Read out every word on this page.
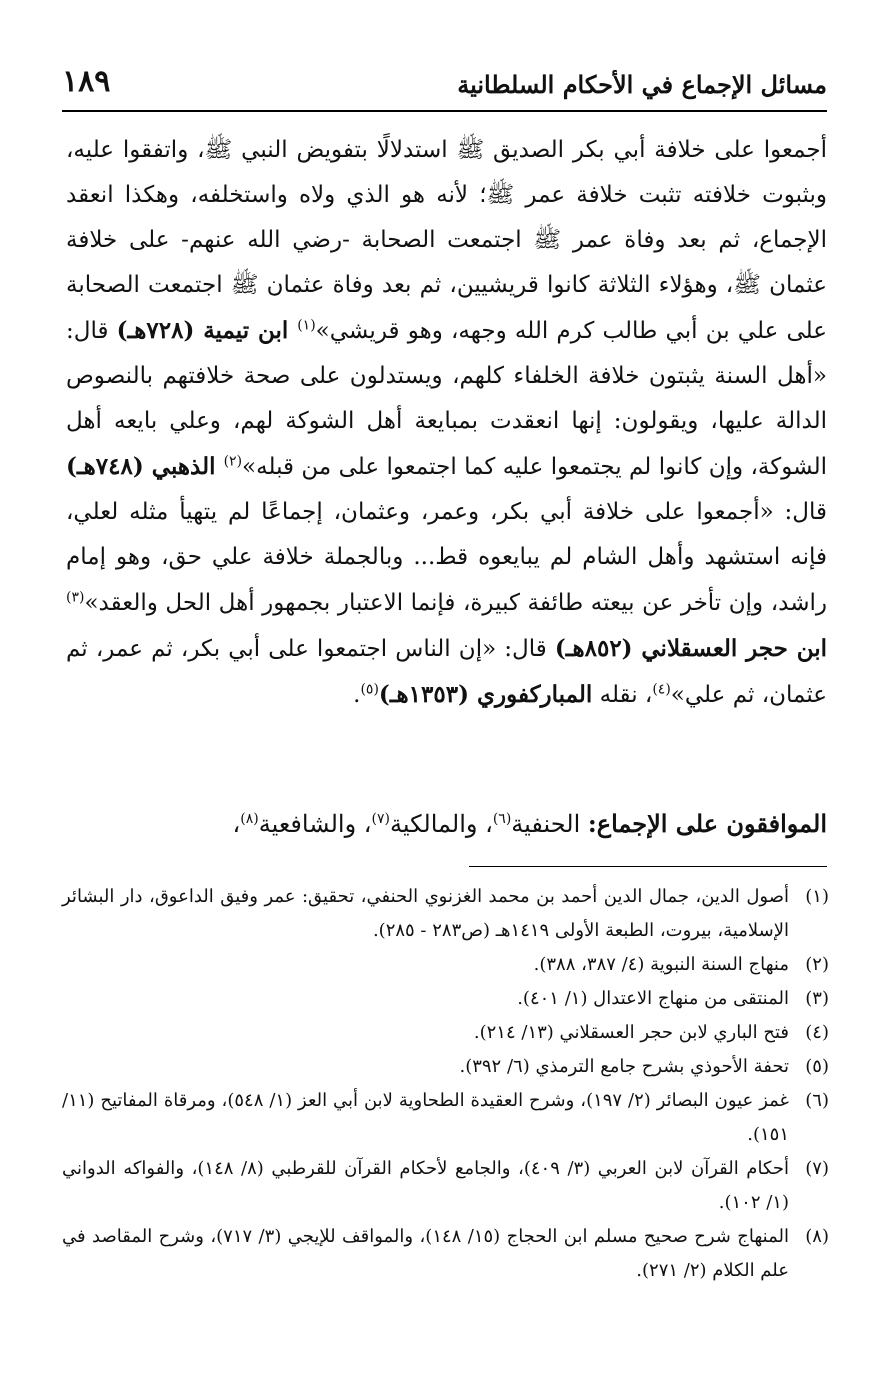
مسائل الإجماع في الأحكام السلطانية
١٨٩

أجمعوا على خلافة أبي بكر الصديق ﷺ استدلالًا بتفويض النبي ﷺ، واتفقوا عليه، وبثبوت خلافته تثبت خلافة عمر ﷺ؛ لأنه هو الذي ولاه واستخلفه، وهكذا انعقد الإجماع، ثم بعد وفاة عمر ﷺ اجتمعت الصحابة -رضي الله عنهم- على خلافة عثمان ﷺ، وهؤلاء الثلاثة كانوا قريشيين، ثم بعد وفاة عثمان ﷺ اجتمعت الصحابة على علي بن أبي طالب كرم الله وجهه، وهو قريشي»$^{(١)}$ ابن تيمية (٧٢٨هـ) قال: «أهل السنة يثبتون خلافة الخلفاء كلهم، ويستدلون على صحة خلافتهم بالنصوص الدالة عليها، ويقولون: إنها انعقدت بمبايعة أهل الشوكة لهم، وعلي بايعه أهل الشوكة، وإن كانوا لم يجتمعوا عليه كما اجتمعوا على من قبله»$^{(٢)}$ الذهبي (٧٤٨هـ) قال: «أجمعوا على خلافة أبي بكر، وعمر، وعثمان، إجماعًا لم يتهيأ مثله لعلي، فإنه استشهد وأهل الشام لم يبايعوه قط... وبالجملة خلافة علي حق، وهو إمام راشد، وإن تأخر عن بيعته طائفة كبيرة، فإنما الاعتبار بجمهور أهل الحل والعقد»$^{(٣)}$ ابن حجر العسقلاني (٨٥٢هـ) قال: «إن الناس اجتمعوا على أبي بكر، ثم عمر، ثم عثمان، ثم علي»$^{(٤)}$، نقله المباركفوري (١٣٥٣هـ)$^{(٥)}$.

الموافقون على الإجماع: الحنفية$^{(٦)}$، والمالكية$^{(٧)}$، والشافعية$^{(٨)}$،

(١)
أصول الدين، جمال الدين أحمد بن محمد الغزنوي الحنفي، تحقيق: عمر وفيق الداعوق، دار البشائر الإسلامية، بيروت، الطبعة الأولى ١٤١٩هـ (ص٢٨٣ - ٢٨٥).
(٢)
منهاج السنة النبوية (٤/ ٣٨٧، ٣٨٨).
(٣)
المنتقى من منهاج الاعتدال (١/ ٤٠١).
(٤)
فتح الباري لابن حجر العسقلاني (١٣/ ٢١٤).
(٥)
تحفة الأحوذي بشرح جامع الترمذي (٦/ ٣٩٢).
(٦)
غمز عيون البصائر (٢/ ١٩٧)، وشرح العقيدة الطحاوية لابن أبي العز (١/ ٥٤٨)، ومرقاة المفاتيح (١١/ ١٥١).
(٧)
أحكام القرآن لابن العربي (٣/ ٤٠٩)، والجامع لأحكام القرآن للقرطبي (٨/ ١٤٨)، والفواكه الدواني (١/ ١٠٢).
(٨)
المنهاج شرح صحيح مسلم ابن الحجاج (١٥/ ١٤٨)، والمواقف للإيجي (٣/ ٧١٧)، وشرح المقاصد في علم الكلام (٢/ ٢٧١).
